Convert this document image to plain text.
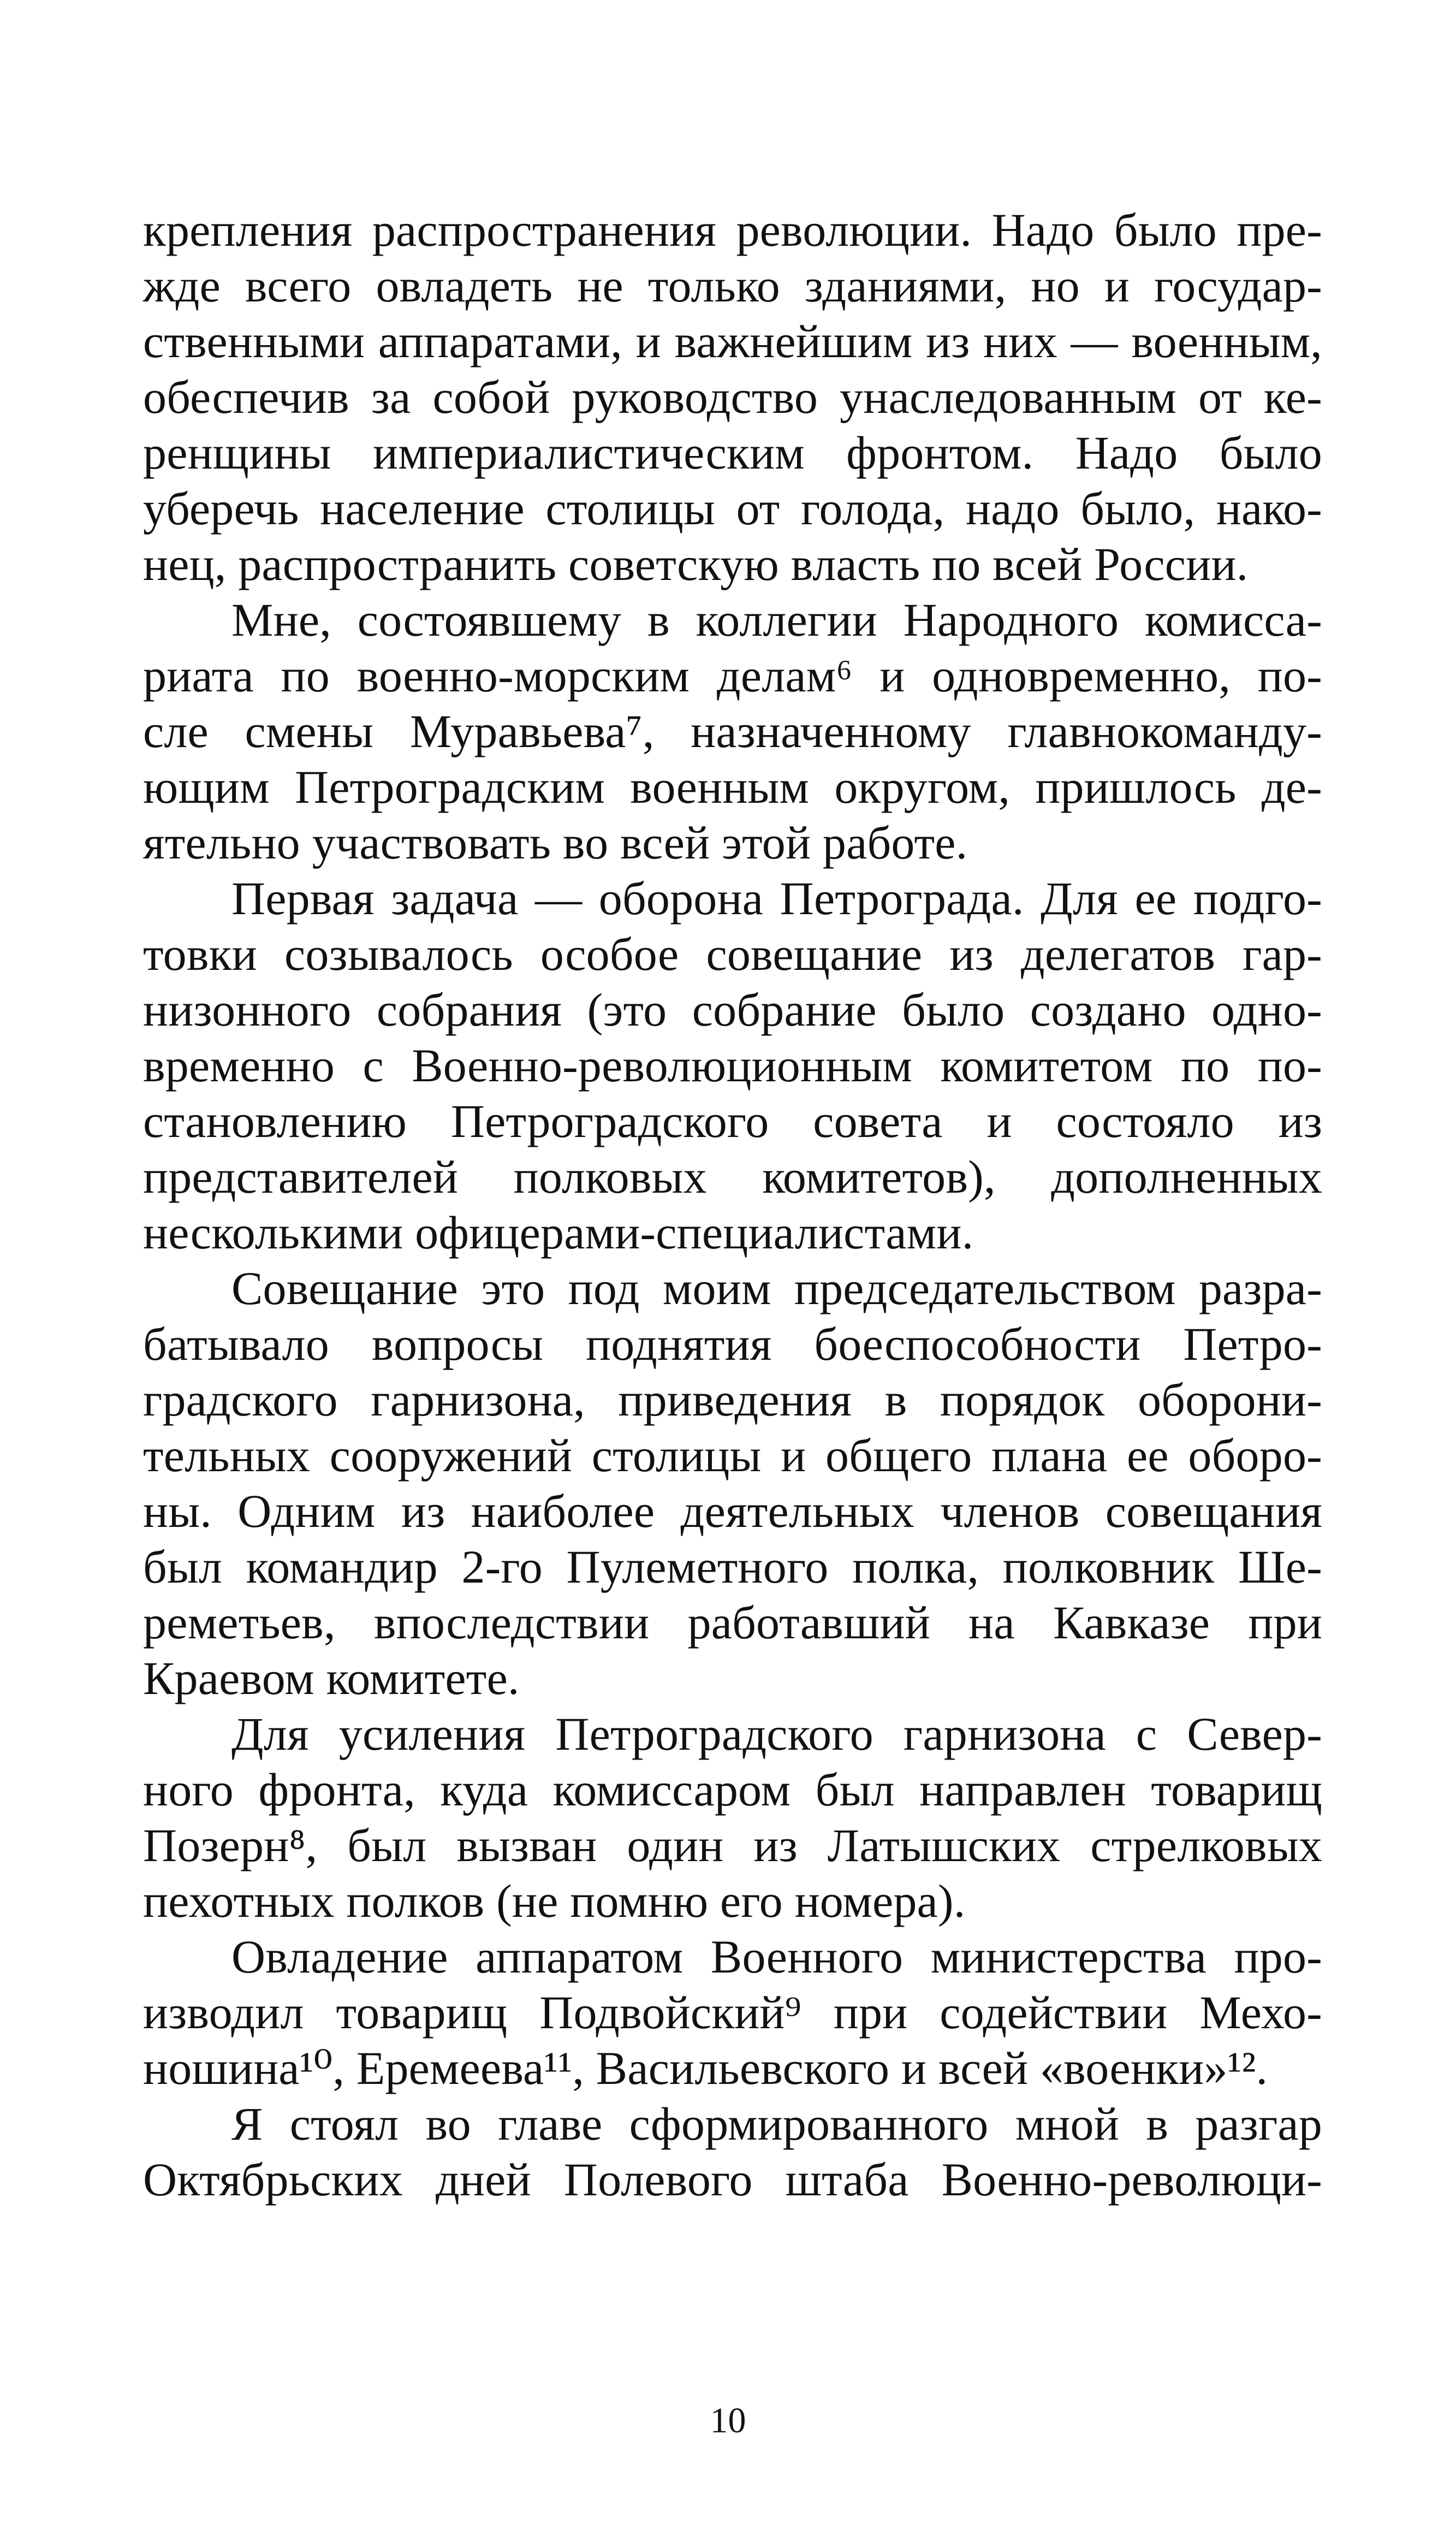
крепления распространения революции. Надо было пре-
жде всего овладеть не только зданиями, но и государ-
ственными аппаратами, и важнейшим из них — военным,
обеспечив за собой руководство унаследованным от ке-
ренщины империалистическим фронтом. Надо было
уберечь население столицы от голода, надо было, нако-
нец, распространить советскую власть по всей России.
Мне, состоявшему в коллегии Народного комисса-
риата по военно-морским делам⁶ и одновременно, по-
сле смены Муравьева⁷, назначенному главнокоманду-
ющим Петроградским военным округом, пришлось де-
ятельно участвовать во всей этой работе.
Первая задача — оборона Петрограда. Для ее подго-
товки созывалось особое совещание из делегатов гар-
низонного собрания (это собрание было создано одно-
временно с Военно-революционным комитетом по по-
становлению Петроградского совета и состояло из
представителей полковых комитетов), дополненных
несколькими офицерами-специалистами.
Совещание это под моим председательством разра-
батывало вопросы поднятия боеспособности Петро-
градского гарнизона, приведения в порядок оборони-
тельных сооружений столицы и общего плана ее оборо-
ны. Одним из наиболее деятельных членов совещания
был командир 2-го Пулеметного полка, полковник Ше-
реметьев, впоследствии работавший на Кавказе при
Краевом комитете.
Для усиления Петроградского гарнизона с Север-
ного фронта, куда комиссаром был направлен товарищ
Позерн⁸, был вызван один из Латышских стрелковых
пехотных полков (не помню его номера).
Овладение аппаратом Военного министерства про-
изводил товарищ Подвойский⁹ при содействии Мехо-
ношина¹⁰, Еремеева¹¹, Васильевского и всей «военки»¹².
Я стоял во главе сформированного мной в разгар
Октябрьских дней Полевого штаба Военно-революци-
10
